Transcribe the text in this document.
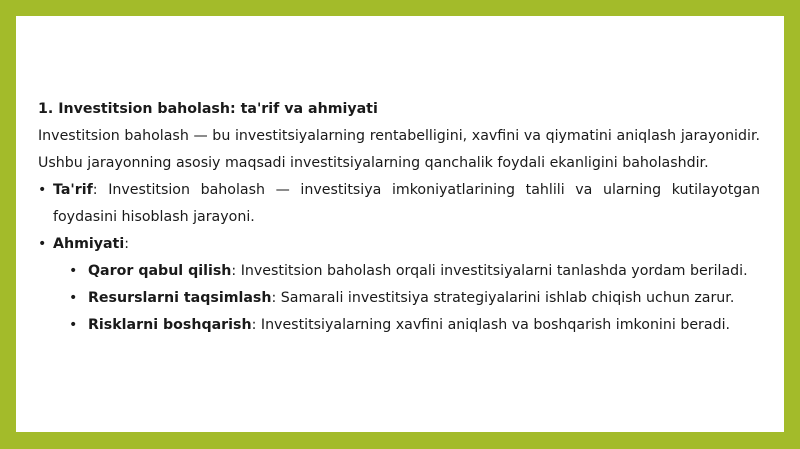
1. Investitsion baholash: ta'rif va ahmiyati

Investitsion baholash — bu investitsiyalarning rentabelligini, xavfini va qiymatini aniqlash jarayonidir. Ushbu jarayonning asosiy maqsadi investitsiyalarning qanchalik foydali ekanligini baholashdir.

• Ta'rif: Investitsion baholash — investitsiya imkoniyatlarining tahlili va ularning kutilayotgan foydasini hisoblash jarayoni.
• Ahmiyati:
• Qaror qabul qilish: Investitsion baholash orqali investitsiyalarni tanlashda yordam beriladi.
• Resurslarni taqsimlash: Samarali investitsiya strategiyalarini ishlab chiqish uchun zarur.
• Risklarni boshqarish: Investitsiyalarning xavfini aniqlash va boshqarish imkonini beradi.
